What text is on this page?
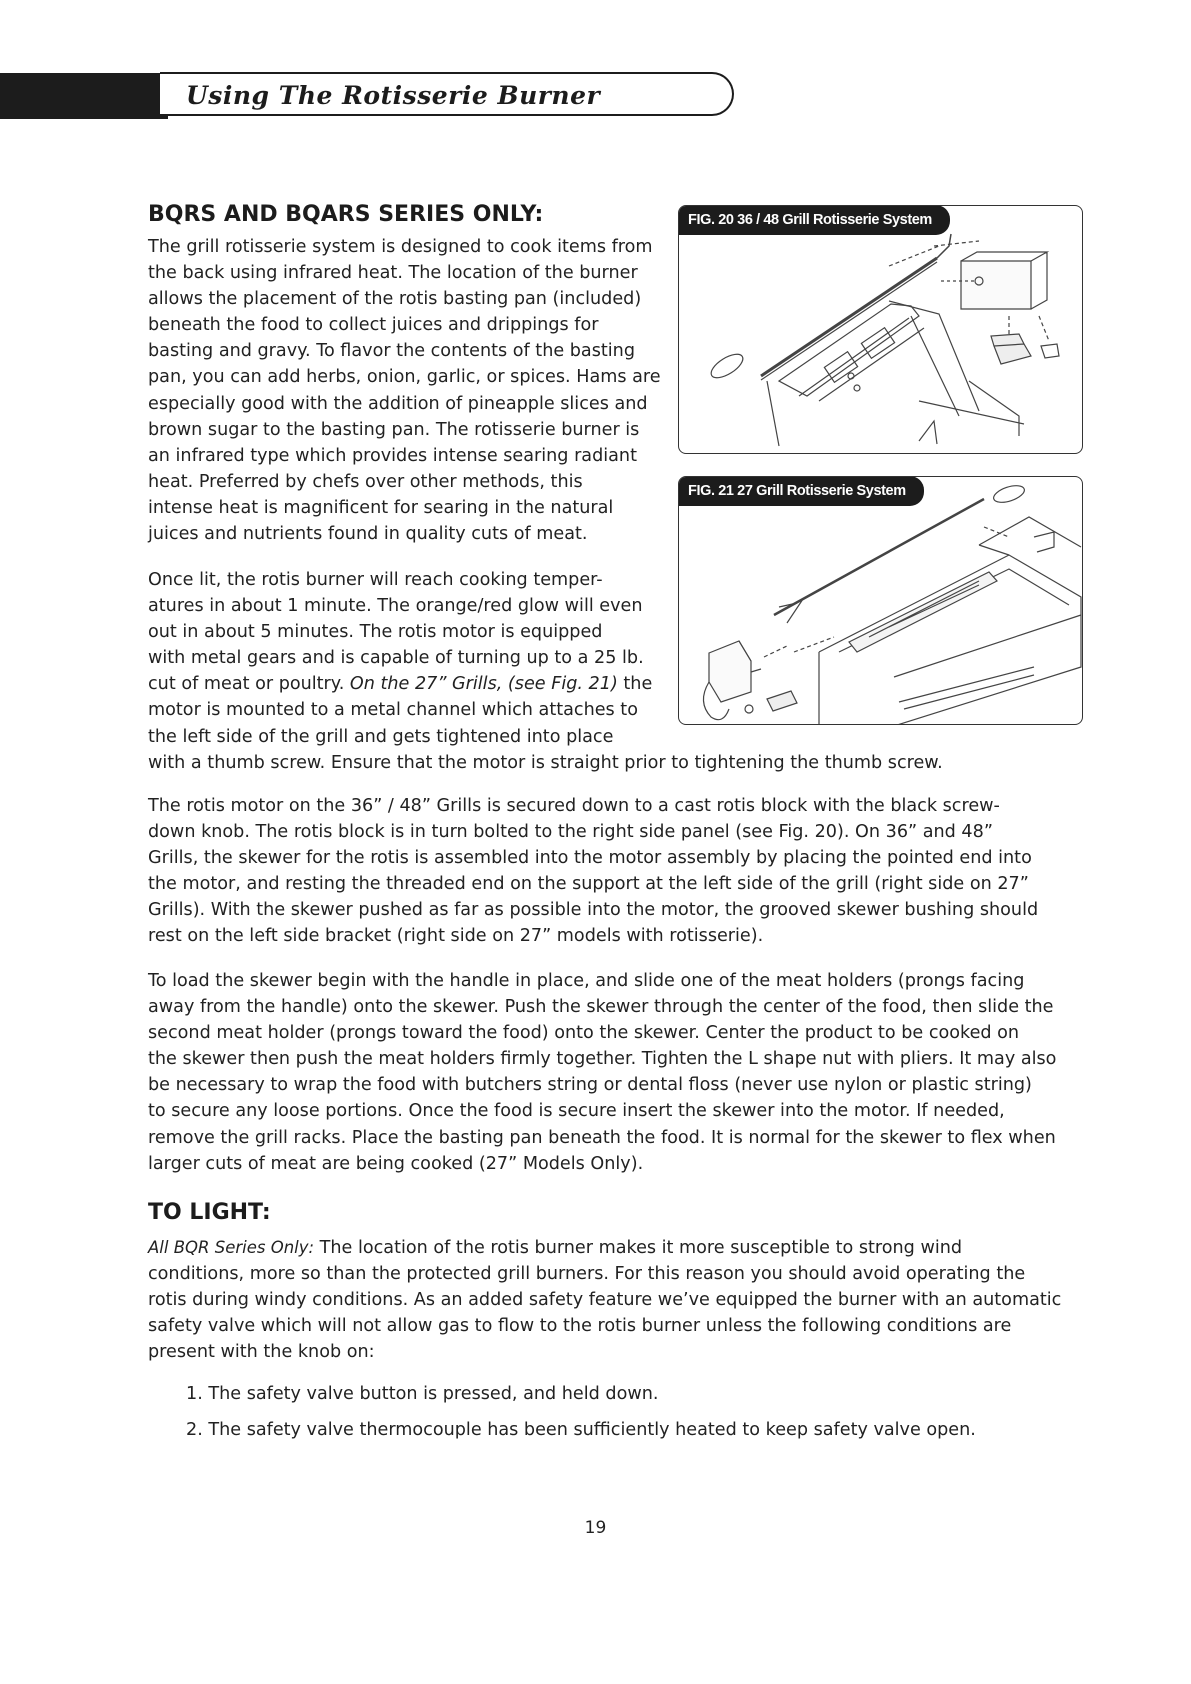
Using The Rotisserie Burner
BQRS AND BQARS SERIES ONLY:

The grill rotisserie system is designed to cook items from

the back using infrared heat. The location of the burner

allows the placement of the rotis basting pan (included)

beneath the food to collect juices and drippings for

basting and gravy. To flavor the contents of the basting

pan, you can add herbs, onion, garlic, or spices. Hams are

especially good with the addition of pineapple slices and

brown sugar to the basting pan. The rotisserie burner is

an infrared type which provides intense searing radiant

heat. Preferred by chefs over other methods, this

intense heat is magnificent for searing in the natural

juices and nutrients found in quality cuts of meat.

Once lit, the rotis burner will reach cooking temper-

atures in about 1 minute. The orange/red glow will even

out in about 5 minutes. The rotis motor is equipped

with metal gears and is capable of turning up to a 25 lb.

cut of meat or poultry. On the 27” Grills, (see Fig. 21) the

motor is mounted to a metal channel which attaches to

the left side of the grill and gets tightened into place

with a thumb screw. Ensure that the motor is straight prior to tightening the thumb screw.

The rotis motor on the 36” / 48” Grills is secured down to a cast rotis block with the black screw-

down knob. The rotis block is in turn bolted to the right side panel (see Fig. 20). On 36” and 48”

Grills, the skewer for the rotis is assembled into the motor assembly by placing the pointed end into

the motor, and resting the threaded end on the support at the left side of the grill (right side on 27”

Grills). With the skewer pushed as far as possible into the motor, the grooved skewer bushing should

rest on the left side bracket (right side on 27” models with rotisserie).

To load the skewer begin with the handle in place, and slide one of the meat holders (prongs facing

away from the handle) onto the skewer. Push the skewer through the center of the food, then slide the

second meat holder (prongs toward the food) onto the skewer. Center the product to be cooked on

the skewer then push the meat holders firmly together. Tighten the L shape nut with pliers. It may also

be necessary to wrap the food with butchers string or dental floss (never use nylon or plastic string)

to secure any loose portions. Once the food is secure insert the skewer into the motor. If needed,

remove the grill racks. Place the basting pan beneath the food. It is normal for the skewer to flex when

larger cuts of meat are being cooked (27” Models Only).

FIG. 20 36 / 48 Grill Rotisserie System
FIG. 21 27 Grill Rotisserie System
TO LIGHT:

All BQR Series Only: The location of the rotis burner makes it more susceptible to strong wind

conditions, more so than the protected grill burners. For this reason you should avoid operating the

rotis during windy conditions. As an added safety feature we’ve equipped the burner with an automatic

safety valve which will not allow gas to flow to the rotis burner unless the following conditions are

present with the knob on:

1. The safety valve button is pressed, and held down.
2. The safety valve thermocouple has been sufficiently heated to keep safety valve open.
19
